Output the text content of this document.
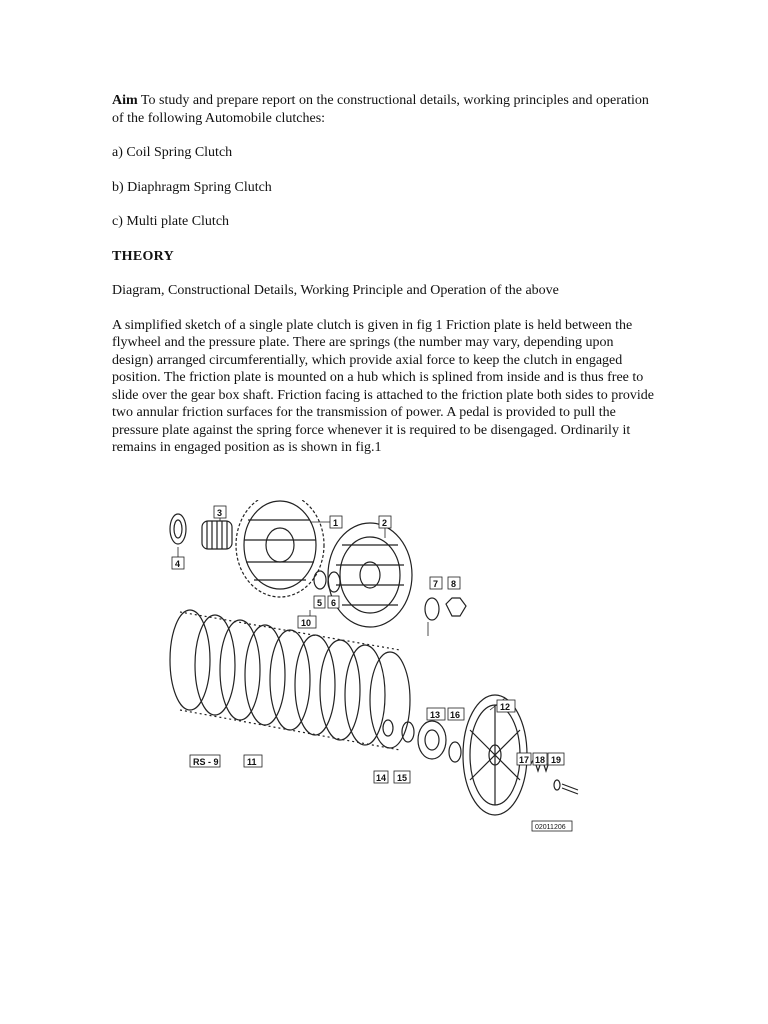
Aim To study and prepare report on the constructional details, working principles and operation of the following Automobile clutches:

a) Coil Spring Clutch

b) Diaphragm Spring Clutch

c) Multi plate Clutch

THEORY

Diagram, Constructional Details, Working Principle and Operation of the above

A simplified sketch of a single plate clutch is given in fig 1 Friction plate is held between the flywheel and the pressure plate. There are springs (the number may vary, depending upon design) arranged circumferentially, which provide axial force to keep the clutch in engaged position. The friction plate is mounted on a hub which is splined from inside and is thus free to slide over the gear box shaft. Friction facing is attached to the friction plate both sides to provide two annular friction surfaces for the transmission of power. A pedal is provided to pull the pressure plate against the spring force whenever it is required to be disengaged. Ordinarily it remains in engaged position as is shown in fig.1

1	2
3
4
5 6
7 8
10
11
12
13 16
14 15
17 18 19
RS - 9
02011206
